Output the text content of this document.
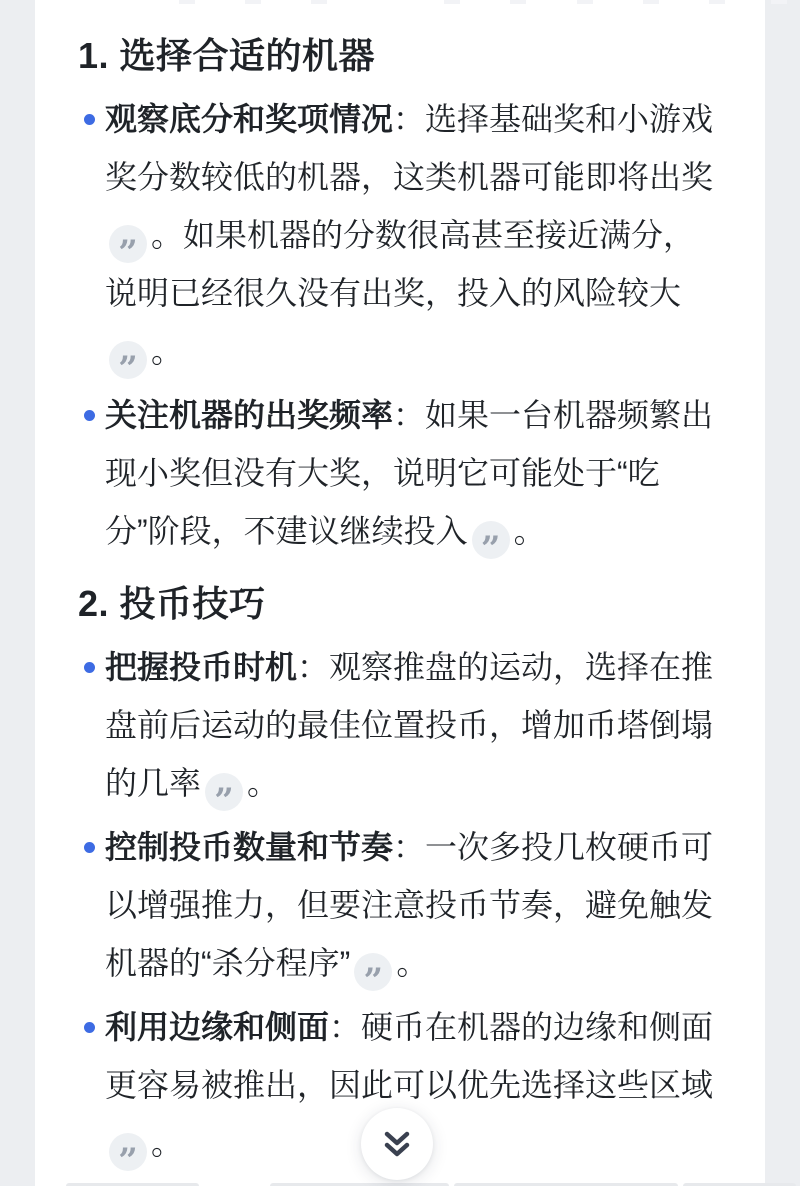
1. 选择合适的机器
观察底分和奖项情况：选择基础奖和小游戏奖分数较低的机器，这类机器可能即将出奖
” 。如果机器的分数很高甚至接近满分，说明已经很久没有出奖，投入的风险较大
” 。
关注机器的出奖频率：如果一台机器频繁出现小奖但没有大奖，说明它可能处于“吃分”阶段，不建议继续投入 ” 。
2. 投币技巧
把握投币时机：观察推盘的运动，选择在推盘前后运动的最佳位置投币，增加币塔倒塌的几率 ” 。
控制投币数量和节奏：一次多投几枚硬币可以增强推力，但要注意投币节奏，避免触发机器的“杀分程序” ” 。
利用边缘和侧面：硬币在机器的边缘和侧面更容易被推出，因此可以优先选择这些区域
” 。
